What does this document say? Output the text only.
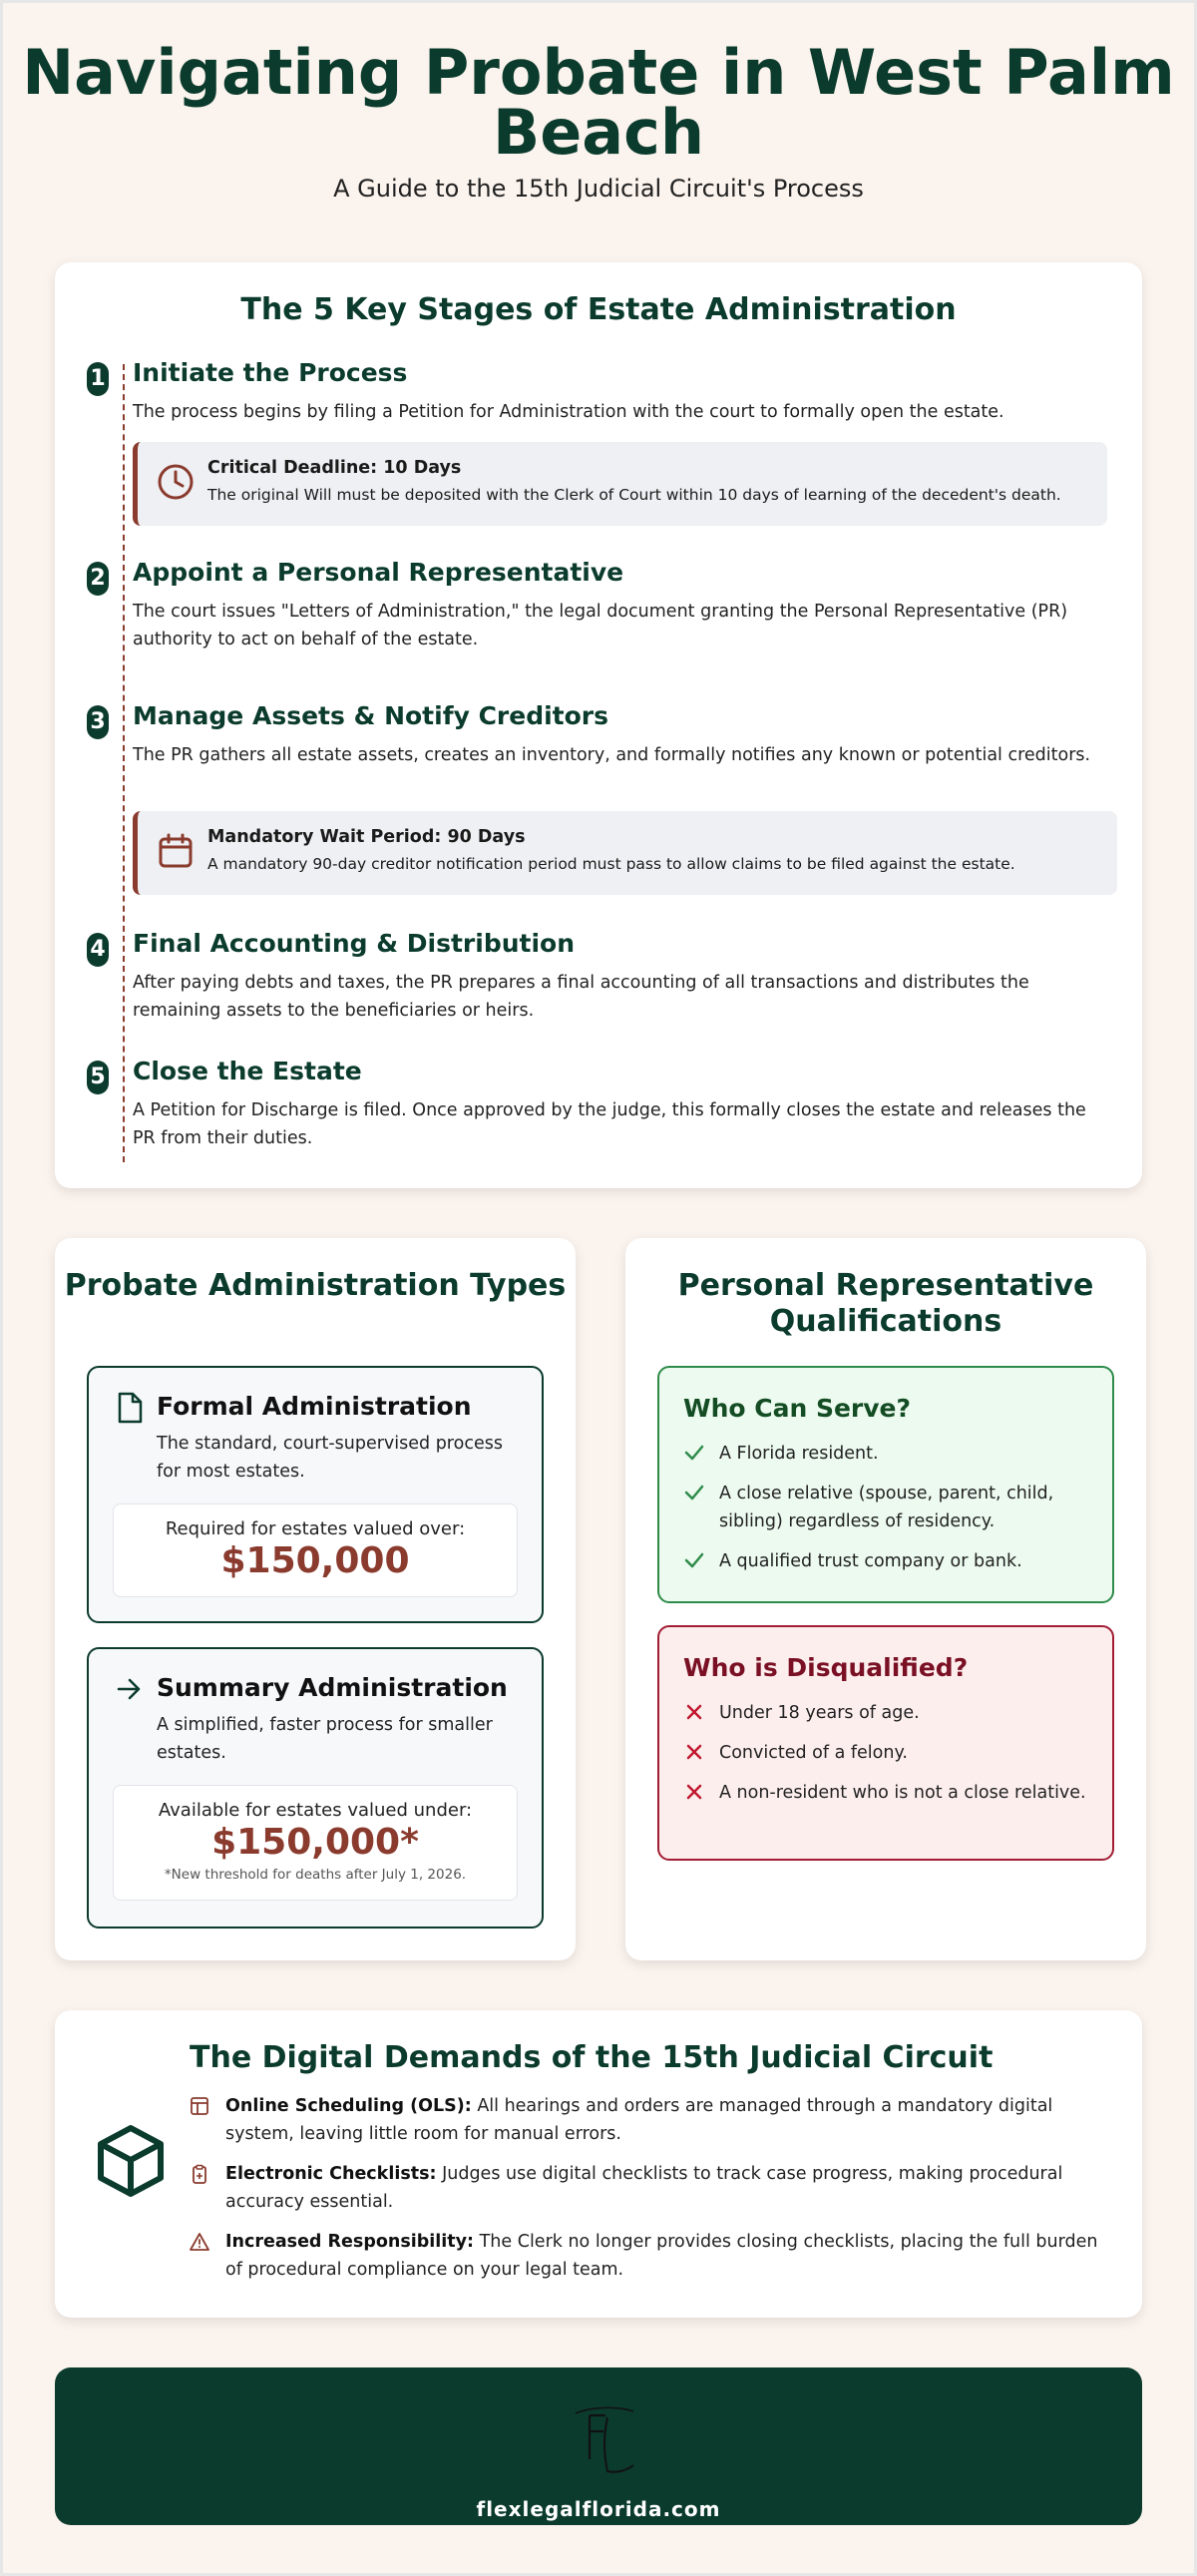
Navigating Probate in West Palm Beach
A Guide to the 15th Judicial Circuit's Process
The 5 Key Stages of Estate Administration
1 Initiate the Process

The process begins by filing a Petition for Administration with the court to formally open the estate.

Critical Deadline: 10 Days
The original Will must be deposited with the Clerk of Court within 10 days of learning of the decedent's death.
2 Appoint a Personal Representative

The court issues "Letters of Administration," the legal document granting the Personal Representative (PR) authority to act on behalf of the estate.

3 Manage Assets & Notify Creditors

The PR gathers all estate assets, creates an inventory, and formally notifies any known or potential creditors.

Mandatory Wait Period: 90 Days
A mandatory 90-day creditor notification period must pass to allow claims to be filed against the estate.
4 Final Accounting & Distribution

After paying debts and taxes, the PR prepares a final accounting of all transactions and distributes the remaining assets to the beneficiaries or heirs.

5 Close the Estate

A Petition for Discharge is filed. Once approved by the judge, this formally closes the estate and releases the PR from their duties.

Probate Administration Types
Formal Administration

The standard, court-supervised process for most estates.

Required for estates valued over:
$150,000
Summary Administration

A simplified, faster process for smaller estates.

Available for estates valued under:
$150,000*
*New threshold for deaths after July 1, 2026.
Personal Representative Qualifications
Who Can Serve?
A Florida resident.
A close relative (spouse, parent, child, sibling) regardless of residency.
A qualified trust company or bank.
Who is Disqualified?
Under 18 years of age.
Convicted of a felony.
A non-resident who is not a close relative.
The Digital Demands of the 15th Judicial Circuit
Online Scheduling (OLS): All hearings and orders are managed through a mandatory digital system, leaving little room for manual errors.
Electronic Checklists: Judges use digital checklists to track case progress, making procedural accuracy essential.
Increased Responsibility: The Clerk no longer provides closing checklists, placing the full burden of procedural compliance on your legal team.
flexlegalflorida.com
